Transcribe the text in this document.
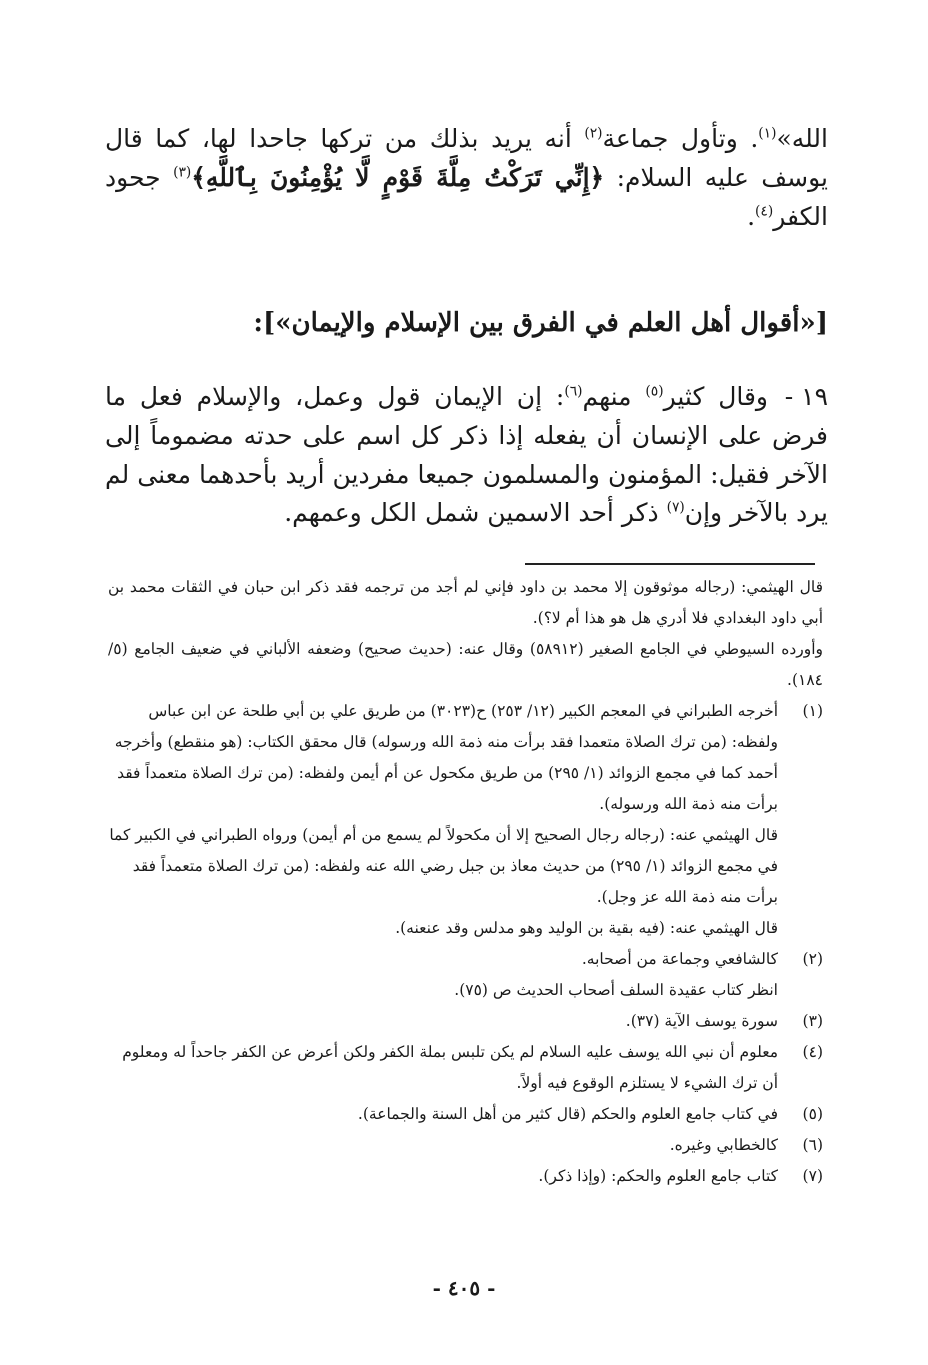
الله»$^{(١)}$. وتأول جماعة$^{(٢)}$ أنه يريد بذلك من تركها جاحدا لها، كما قال يوسف عليه السلام: ﴿إِنِّي تَرَكْتُ مِلَّةَ قَوْمٍ لَّا يُؤْمِنُونَ بِٱللَّهِ﴾$^{(٣)}$ جحود الكفر$^{(٤)}$.

[«أقوال أهل العلم في الفرق بين الإسلام والإيمان»]:
١٩ -وقال كثير$^{(٥)}$ منهم$^{(٦)}$: إن الإيمان قول وعمل، والإسلام فعل ما فرض على الإنسان أن يفعله إذا ذكر كل اسم على حدته مضموماً إلى الآخر فقيل: المؤمنون والمسلمون جميعا مفردين أريد بأحدهما معنى لم يرد بالآخر وإن$^{(٧)}$ ذكر أحد الاسمين شمل الكل وعمهم.

قال الهيثمي: (رجاله موثوقون إلا محمد بن داود فإني لم أجد من ترجمه فقد ذكر ابن حبان في الثقات محمد بن أبي داود البغدادي فلا أدري هل هو هذا أم لا؟).

وأورده السيوطي في الجامع الصغير (٥٨٩١٢) وقال عنه: (حديث صحيح) وضعفه الألباني في ضعيف الجامع (٥/ ١٨٤).

(١)

أخرجه الطبراني في المعجم الكبير (١٢/ ٢٥٣) ح(٣٠٢٣) من طريق علي بن أبي طلحة عن ابن عباس ولفظه: (من ترك الصلاة متعمدا فقد برأت منه ذمة الله ورسوله) قال محقق الكتاب: (هو منقطع) وأخرجه أحمد كما في مجمع الزوائد (١/ ٢٩٥) من طريق مكحول عن أم أيمن ولفظه: (من ترك الصلاة متعمداً فقد برأت منه ذمة الله ورسوله).

قال الهيثمي عنه: (رجاله رجال الصحيح إلا أن مكحولاً لم يسمع من أم أيمن) ورواه الطبراني في الكبير كما في مجمع الزوائد (١/ ٢٩٥) من حديث معاذ بن جبل رضي الله عنه ولفظه: (من ترك الصلاة متعمداً فقد برأت منه ذمة الله عز وجل).

قال الهيثمي عنه: (فيه بقية بن الوليد وهو مدلس وقد عنعنه).

(٢)

كالشافعي وجماعة من أصحابه.

انظر كتاب عقيدة السلف أصحاب الحديث ص (٧٥).

(٣)

سورة يوسف الآية (٣٧).

(٤)

معلوم أن نبي الله يوسف عليه السلام لم يكن تلبس بملة الكفر ولكن أعرض عن الكفر جاحداً له ومعلوم أن ترك الشيء لا يستلزم الوقوع فيه أولاً.

(٥)

في كتاب جامع العلوم والحكم (قال كثير من أهل السنة والجماعة).

(٦)

كالخطابي وغيره.

(٧)

كتاب جامع العلوم والحكم: (وإذا ذكر).

- ٤٠٥ -
